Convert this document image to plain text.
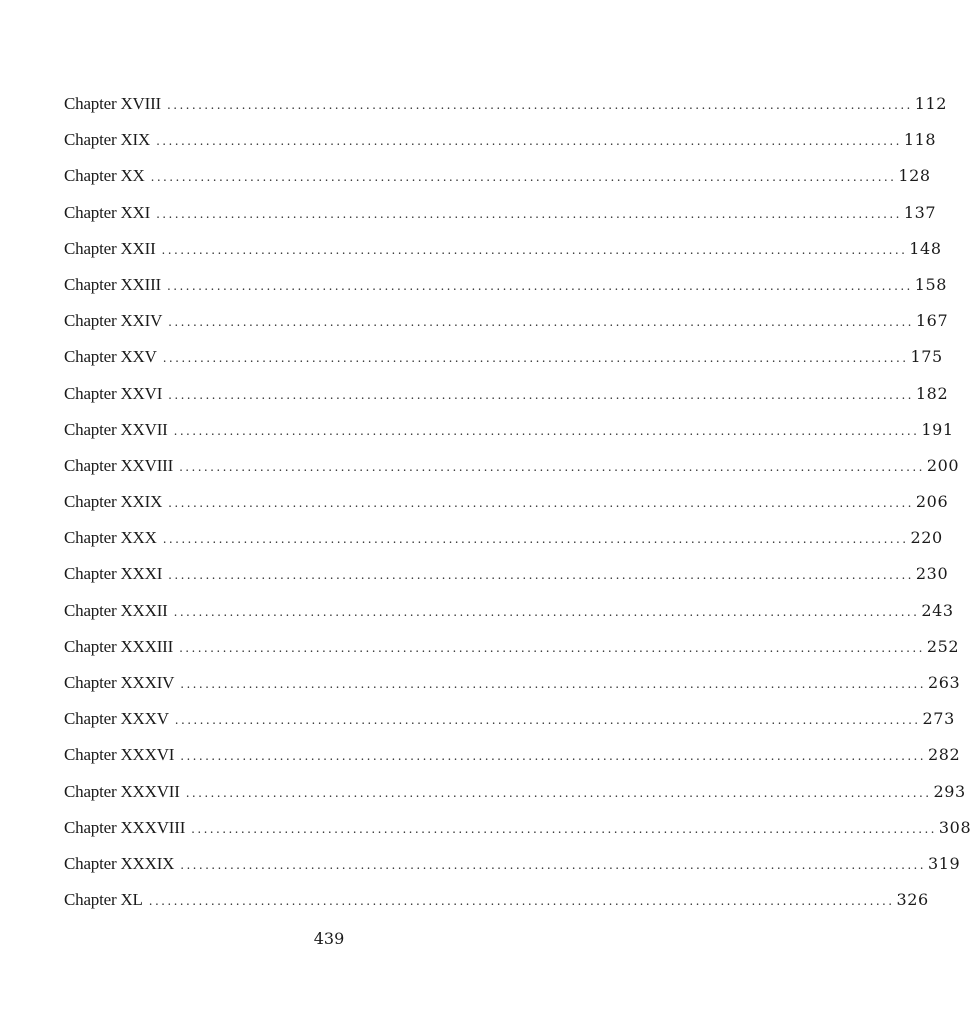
Chapter XVIII ........................................................................................................................ 112
Chapter XIX ........................................................................................................................ 118
Chapter XX ........................................................................................................................ 128
Chapter XXI ........................................................................................................................ 137
Chapter XXII ........................................................................................................................ 148
Chapter XXIII ........................................................................................................................ 158
Chapter XXIV ........................................................................................................................ 167
Chapter XXV ........................................................................................................................ 175
Chapter XXVI ........................................................................................................................ 182
Chapter XXVII ........................................................................................................................ 191
Chapter XXVIII ........................................................................................................................ 200
Chapter XXIX ........................................................................................................................ 206
Chapter XXX ........................................................................................................................ 220
Chapter XXXI ........................................................................................................................ 230
Chapter XXXII ........................................................................................................................ 243
Chapter XXXIII ........................................................................................................................ 252
Chapter XXXIV ........................................................................................................................ 263
Chapter XXXV ........................................................................................................................ 273
Chapter XXXVI ........................................................................................................................ 282
Chapter XXXVII ........................................................................................................................ 293
Chapter XXXVIII ........................................................................................................................ 308
Chapter XXXIX ........................................................................................................................ 319
Chapter XL ........................................................................................................................ 326
439
